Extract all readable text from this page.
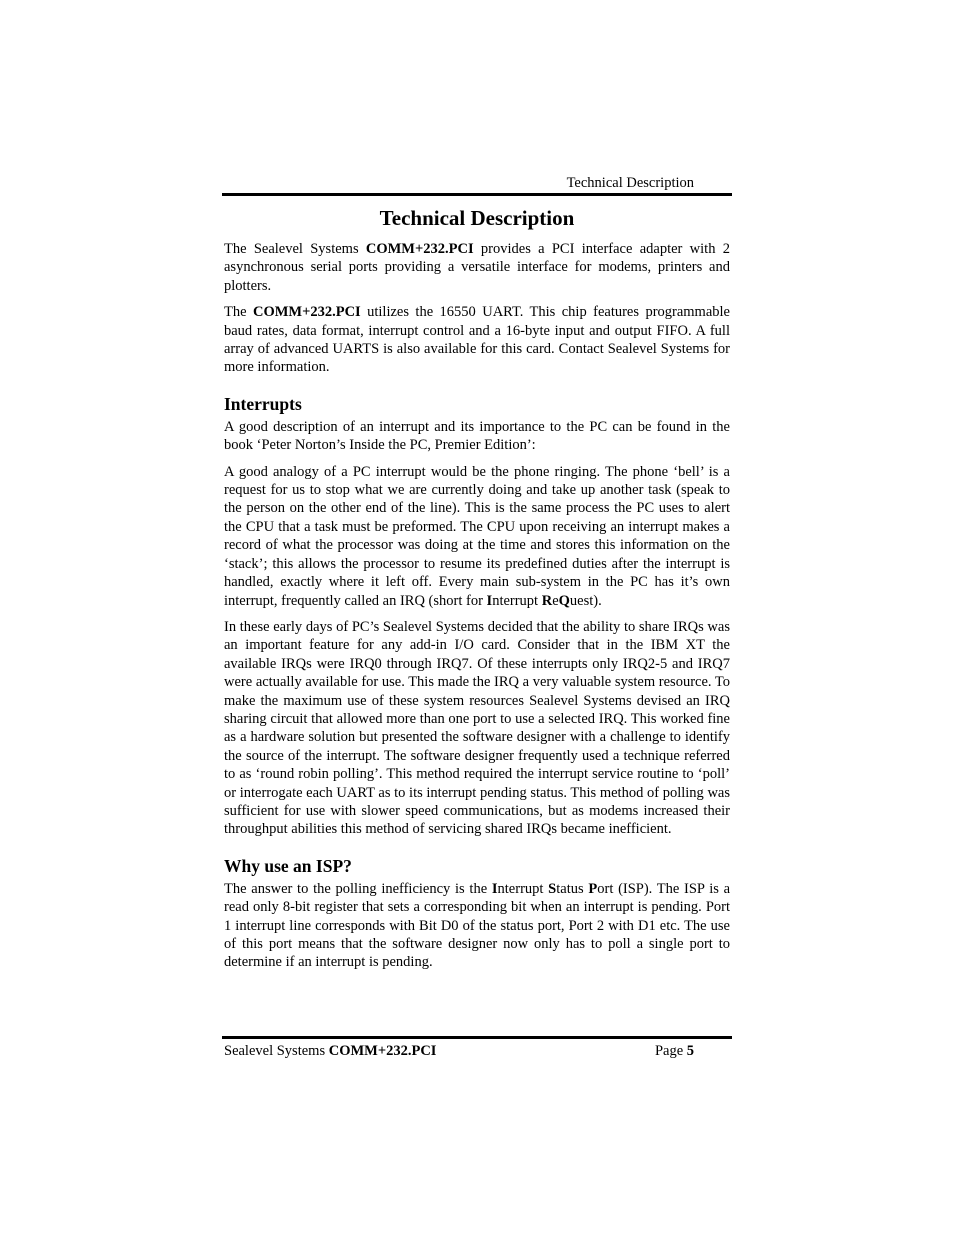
Technical Description
Technical Description

The Sealevel Systems COMM+232.PCI provides a PCI interface adapter with 2 asynchronous serial ports providing a versatile interface for modems, printers and plotters.

The COMM+232.PCI utilizes the 16550 UART. This chip features programmable baud rates, data format, interrupt control and a 16-byte input and output FIFO. A full array of advanced UARTS is also available for this card. Contact Sealevel Systems for more information.

Interrupts

A good description of an interrupt and its importance to the PC can be found in the book ‘Peter Norton’s Inside the PC, Premier Edition’:

A good analogy of a PC interrupt would be the phone ringing. The phone ‘bell’ is a request for us to stop what we are currently doing and take up another task (speak to the person on the other end of the line). This is the same process the PC uses to alert the CPU that a task must be preformed. The CPU upon receiving an interrupt makes a record of what the processor was doing at the time and stores this information on the ‘stack’; this allows the processor to resume its predefined duties after the interrupt is handled, exactly where it left off. Every main sub-system in the PC has it’s own interrupt, frequently called an IRQ (short for Interrupt ReQuest).

In these early days of PC’s Sealevel Systems decided that the ability to share IRQs was an important feature for any add-in I/O card. Consider that in the IBM XT the available IRQs were IRQ0 through IRQ7. Of these interrupts only IRQ2-5 and IRQ7 were actually available for use. This made the IRQ a very valuable system resource. To make the maximum use of these system resources Sealevel Systems devised an IRQ sharing circuit that allowed more than one port to use a selected IRQ. This worked fine as a hardware solution but presented the software designer with a challenge to identify the source of the interrupt. The software designer frequently used a technique referred to as ‘round robin polling’. This method required the interrupt service routine to ‘poll’ or interrogate each UART as to its interrupt pending status. This method of polling was sufficient for use with slower speed communications, but as modems increased their throughput abilities this method of servicing shared IRQs became inefficient.

Why use an ISP?

The answer to the polling inefficiency is the Interrupt Status Port (ISP). The ISP is a read only 8-bit register that sets a corresponding bit when an interrupt is pending. Port 1 interrupt line corresponds with Bit D0 of the status port, Port 2 with D1 etc. The use of this port means that the software designer now only has to poll a single port to determine if an interrupt is pending.

Sealevel Systems COMM+232.PCI	Page 5
